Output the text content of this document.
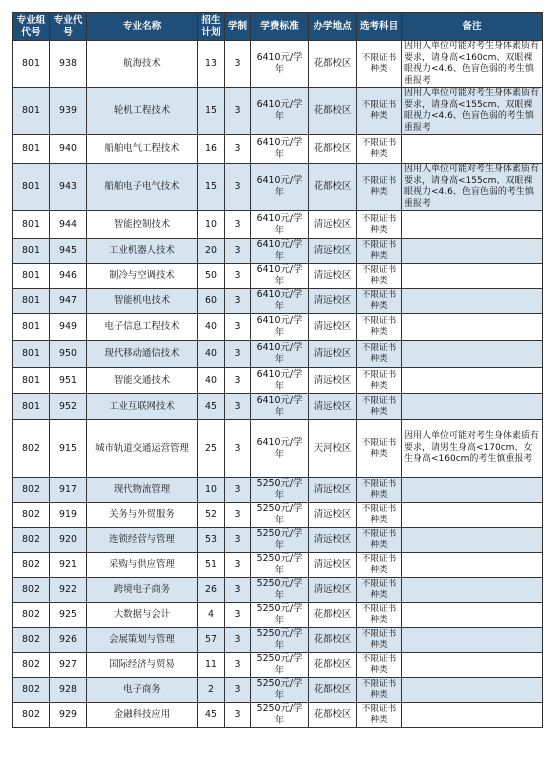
专业组代号	专业代号	专业名称	招生计划	学制	学费标准	办学地点	选考科目	备注
801	938	航海技术	13	3	6410元/学年	花都校区	不限证书种类	因用人单位可能对考生身体素质有要求，请身高<160cm、双眼裸眼视力<4.6、色盲色弱的考生慎重报考
801	939	轮机工程技术	15	3	6410元/学年	花都校区	不限证书种类	因用人单位可能对考生身体素质有要求，请身高<155cm、双眼裸眼视力<4.6、色盲色弱的考生慎重报考
801	940	船舶电气工程技术	16	3	6410元/学年	花都校区	不限证书种类	
801	943	船舶电子电气技术	15	3	6410元/学年	花都校区	不限证书种类	因用人单位可能对考生身体素质有要求，请身高<155cm、双眼裸眼视力<4.6、色盲色弱的考生慎重报考
801	944	智能控制技术	10	3	6410元/学年	清远校区	不限证书种类	
801	945	工业机器人技术	20	3	6410元/学年	清远校区	不限证书种类	
801	946	制冷与空调技术	50	3	6410元/学年	清远校区	不限证书种类	
801	947	智能机电技术	60	3	6410元/学年	清远校区	不限证书种类	
801	949	电子信息工程技术	40	3	6410元/学年	清远校区	不限证书种类	
801	950	现代移动通信技术	40	3	6410元/学年	清远校区	不限证书种类	
801	951	智能交通技术	40	3	6410元/学年	清远校区	不限证书种类	
801	952	工业互联网技术	45	3	6410元/学年	清远校区	不限证书种类	
802	915	城市轨道交通运营管理	25	3	6410元/学年	天河校区	不限证书种类	因用人单位可能对考生身体素质有要求，请男生身高<170cm、女生身高<160cm的考生慎重报考
802	917	现代物流管理	10	3	5250元/学年	清远校区	不限证书种类	
802	919	关务与外贸服务	52	3	5250元/学年	清远校区	不限证书种类	
802	920	连锁经营与管理	53	3	5250元/学年	清远校区	不限证书种类	
802	921	采购与供应管理	51	3	5250元/学年	清远校区	不限证书种类	
802	922	跨境电子商务	26	3	5250元/学年	清远校区	不限证书种类	
802	925	大数据与会计	4	3	5250元/学年	花都校区	不限证书种类	
802	926	会展策划与管理	57	3	5250元/学年	花都校区	不限证书种类	
802	927	国际经济与贸易	11	3	5250元/学年	花都校区	不限证书种类	
802	928	电子商务	2	3	5250元/学年	花都校区	不限证书种类	
802	929	金融科技应用	45	3	5250元/学年	花都校区	不限证书种类	
